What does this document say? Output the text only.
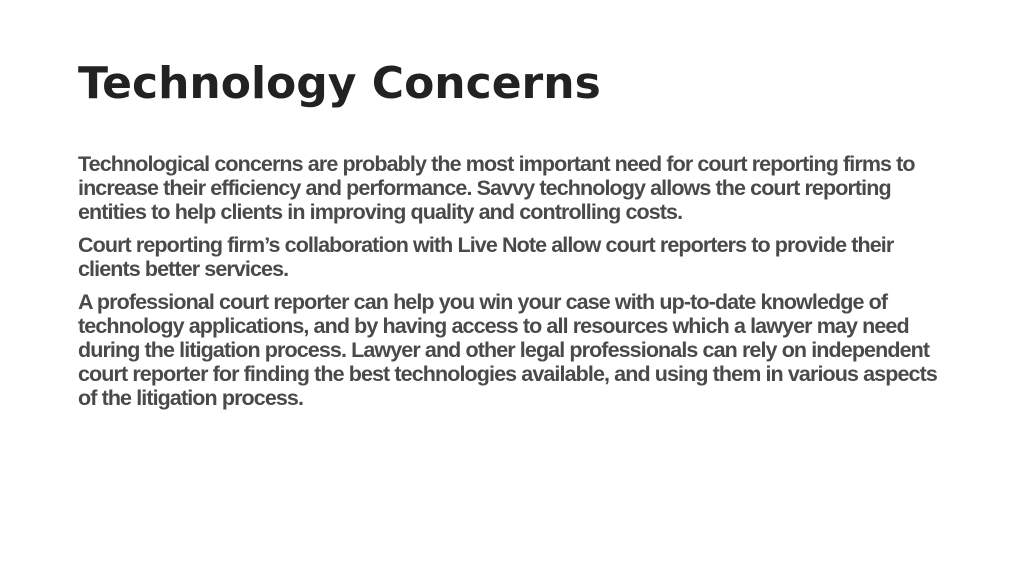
Technology Concerns

Technological concerns are probably the most important need for court reporting firms to increase their efficiency and performance. Savvy technology allows the court reporting entities to help clients in improving quality and controlling costs.

Court reporting firm’s collaboration with Live Note allow court reporters to provide their clients better services.

A professional court reporter can help you win your case with up-to-date knowledge of technology applications, and by having access to all resources which a lawyer may need during the litigation process. Lawyer and other legal professionals can rely on independent court reporter for finding the best technologies available, and using them in various aspects of the litigation process.
